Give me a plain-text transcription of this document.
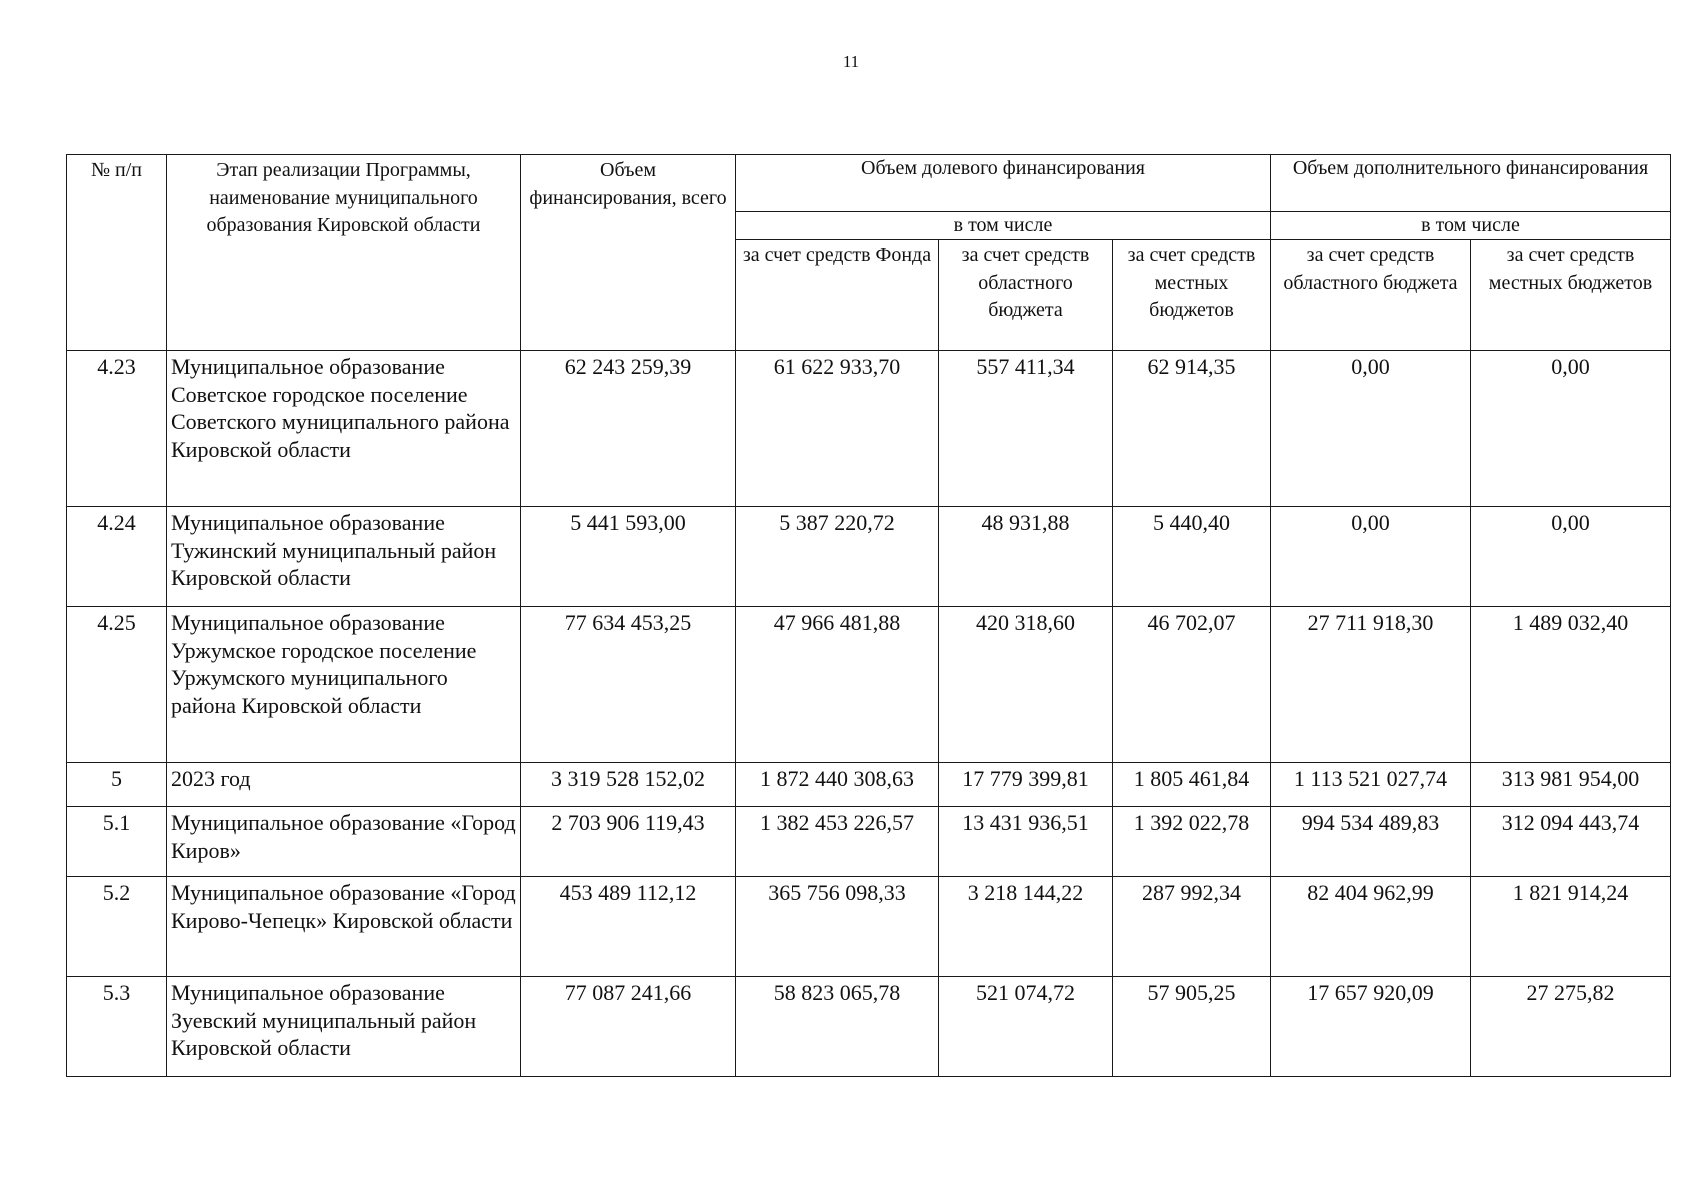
11
№ п/п	Этап реализации Программы, наименование муниципального образования Кировской области	Объем финансирования, всего	Объем долевого финансирования			Объем дополнительного финансирования	
			в том числе			в том числе	
			за счет средств Фонда	за счет средств областного бюджета	за счет средств местных бюджетов	за счет средств областного бюджета	за счет средств местных бюджетов
4.23	Муниципальное образование Советское городское поселение Советского муниципального района Кировской области	62 243 259,39	61 622 933,70	557 411,34	62 914,35	0,00	0,00
4.24	Муниципальное образование Тужинский муниципальный район Кировской области	5 441 593,00	5 387 220,72	48 931,88	5 440,40	0,00	0,00
4.25	Муниципальное образование Уржумское городское поселение Уржумского муниципального района Кировской области	77 634 453,25	47 966 481,88	420 318,60	46 702,07	27 711 918,30	1 489 032,40
5	2023 год	3 319 528 152,02	1 872 440 308,63	17 779 399,81	1 805 461,84	1 113 521 027,74	313 981 954,00
5.1	Муниципальное образование «Город Киров»	2 703 906 119,43	1 382 453 226,57	13 431 936,51	1 392 022,78	994 534 489,83	312 094 443,74
5.2	Муниципальное образование «Город Кирово-Чепецк» Кировской области	453 489 112,12	365 756 098,33	3 218 144,22	287 992,34	82 404 962,99	1 821 914,24
5.3	Муниципальное образование Зуевский муниципальный район Кировской области	77 087 241,66	58 823 065,78	521 074,72	57 905,25	17 657 920,09	27 275,82
